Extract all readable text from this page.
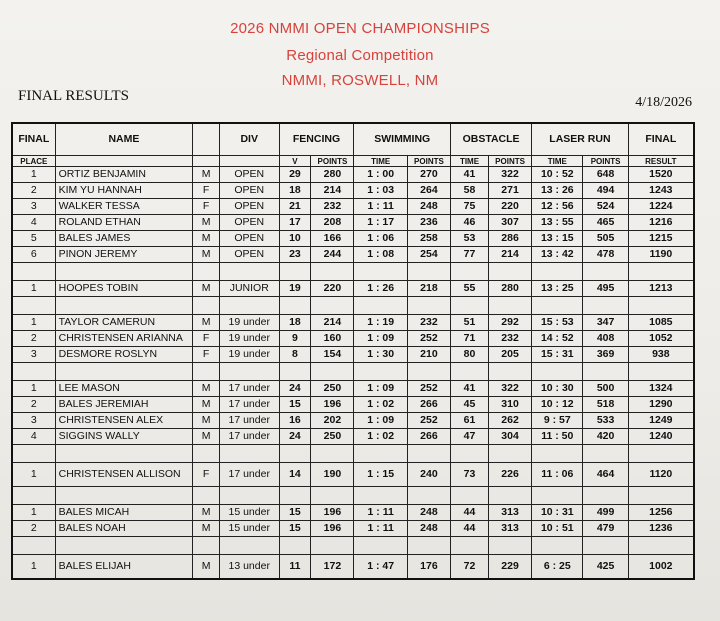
2026 NMMI OPEN CHAMPIONSHIPS
Regional Competition
NMMI, ROSWELL, NM
FINAL RESULTS	4/18/2026
FINAL	NAME		DIV	FENCING		SWIMMING		OBSTACLE		LASER RUN		FINAL
PLACE				V	POINTS	TIME	POINTS	TIME	POINTS	TIME	POINTS	RESULT
1	ORTIZ BENJAMIN	M	OPEN	29	280	1 : 00	270	41	322	10 : 52	648	1520
2	KIM YU HANNAH	F	OPEN	18	214	1 : 03	264	58	271	13 : 26	494	1243
3	WALKER TESSA	F	OPEN	21	232	1 : 11	248	75	220	12 : 56	524	1224
4	ROLAND ETHAN	M	OPEN	17	208	1 : 17	236	46	307	13 : 55	465	1216
5	BALES JAMES	M	OPEN	10	166	1 : 06	258	53	286	13 : 15	505	1215
6	PINON JEREMY	M	OPEN	23	244	1 : 08	254	77	214	13 : 42	478	1190

1	HOOPES TOBIN	M	JUNIOR	19	220	1 : 26	218	55	280	13 : 25	495	1213

1	TAYLOR CAMERUN	M	19 under	18	214	1 : 19	232	51	292	15 : 53	347	1085
2	CHRISTENSEN ARIANNA	F	19 under	9	160	1 : 09	252	71	232	14 : 52	408	1052
3	DESMORE ROSLYN	F	19 under	8	154	1 : 30	210	80	205	15 : 31	369	938

1	LEE MASON	M	17 under	24	250	1 : 09	252	41	322	10 : 30	500	1324
2	BALES JEREMIAH	M	17 under	15	196	1 : 02	266	45	310	10 : 12	518	1290
3	CHRISTENSEN ALEX	M	17 under	16	202	1 : 09	252	61	262	9 : 57	533	1249
4	SIGGINS WALLY	M	17 under	24	250	1 : 02	266	47	304	11 : 50	420	1240

1	CHRISTENSEN ALLISON	F	17 under	14	190	1 : 15	240	73	226	11 : 06	464	1120

1	BALES MICAH	M	15 under	15	196	1 : 11	248	44	313	10 : 31	499	1256
2	BALES NOAH	M	15 under	15	196	1 : 11	248	44	313	10 : 51	479	1236

1	BALES ELIJAH	M	13 under	11	172	1 : 47	176	72	229	6 : 25	425	1002
